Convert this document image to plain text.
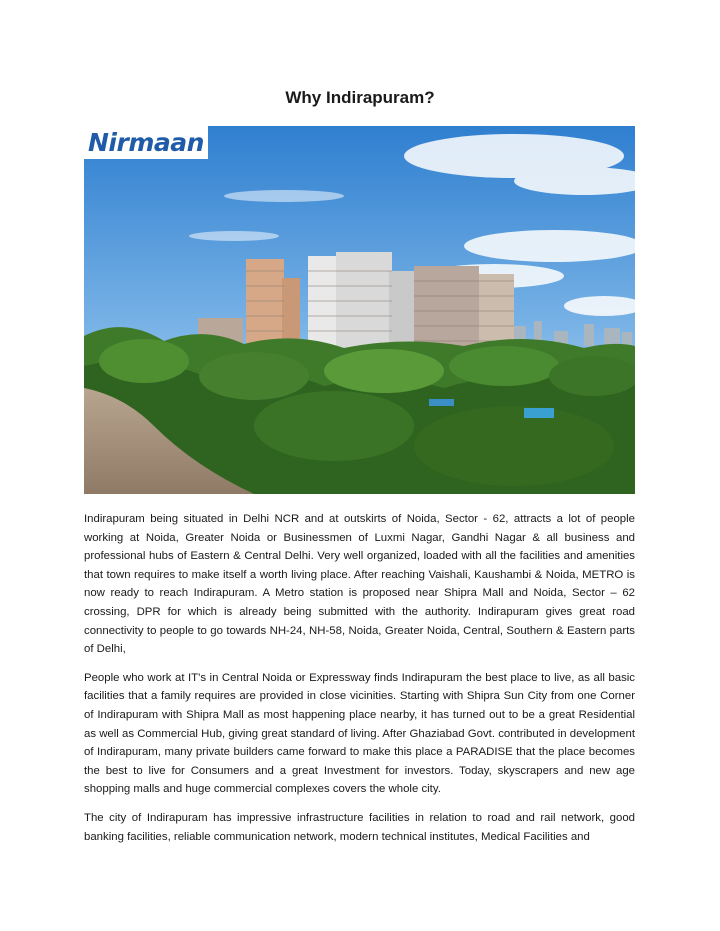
Why Indirapuram?
Nirmaan

Indirapuram being situated in Delhi NCR and at outskirts of Noida, Sector - 62, attracts a lot of people working at Noida, Greater Noida or Businessmen of Luxmi Nagar, Gandhi Nagar & all business and professional hubs of Eastern & Central Delhi. Very well organized, loaded with all the facilities and amenities that town requires to make itself a worth living place. After reaching Vaishali, Kaushambi & Noida, METRO is now ready to reach Indirapuram. A Metro station is proposed near Shipra Mall and Noida, Sector – 62 crossing, DPR for which is already being submitted with the authority. Indirapuram gives great road connectivity to people to go towards NH-24, NH-58, Noida, Greater Noida, Central, Southern & Eastern parts of Delhi,

People who work at IT's in Central Noida or Expressway finds Indirapuram the best place to live, as all basic facilities that a family requires are provided in close vicinities. Starting with Shipra Sun City from one Corner of Indirapuram with Shipra Mall as most happening place nearby, it has turned out to be a great Residential as well as Commercial Hub, giving great standard of living. After Ghaziabad Govt. contributed in development of Indirapuram, many private builders came forward to make this place a PARADISE that the place becomes the best to live for Consumers and a great Investment for investors. Today, skyscrapers and new age shopping malls and huge commercial complexes covers the whole city.

The city of Indirapuram has impressive infrastructure facilities in relation to road and rail network, good banking facilities, reliable communication network, modern technical institutes, Medical Facilities and
